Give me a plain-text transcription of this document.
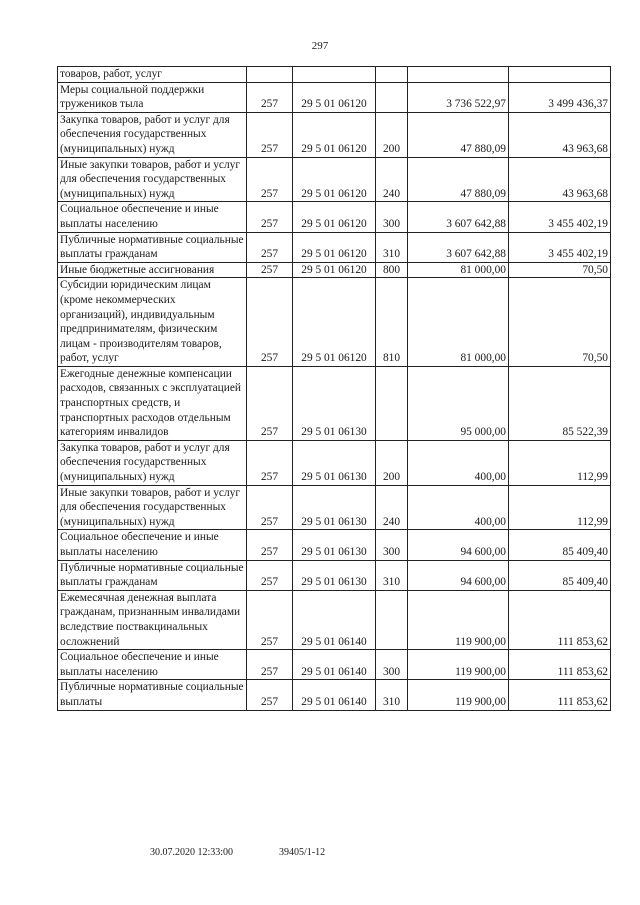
297
товаров, работ, услуг					
Меры социальной поддержки тружеников тыла	257	29 5 01 06120		3 736 522,97	3 499 436,37
Закупка товаров, работ и услуг для обеспечения государственных (муниципальных) нужд	257	29 5 01 06120	200	47 880,09	43 963,68
Иные закупки товаров, работ и услуг для обеспечения государственных (муниципальных) нужд	257	29 5 01 06120	240	47 880,09	43 963,68
Социальное обеспечение и иные выплаты населению	257	29 5 01 06120	300	3 607 642,88	3 455 402,19
Публичные нормативные социальные выплаты гражданам	257	29 5 01 06120	310	3 607 642,88	3 455 402,19
Иные бюджетные ассигнования	257	29 5 01 06120	800	81 000,00	70,50
Субсидии юридическим лицам (кроме некоммерческих организаций), индивидуальным предпринимателям, физическим лицам - производителям товаров, работ, услуг	257	29 5 01 06120	810	81 000,00	70,50
Ежегодные денежные компенсации расходов, связанных с эксплуатацией транспортных средств, и транспортных расходов отдельным категориям инвалидов	257	29 5 01 06130		95 000,00	85 522,39
Закупка товаров, работ и услуг для обеспечения государственных (муниципальных) нужд	257	29 5 01 06130	200	400,00	112,99
Иные закупки товаров, работ и услуг для обеспечения государственных (муниципальных) нужд	257	29 5 01 06130	240	400,00	112,99
Социальное обеспечение и иные выплаты населению	257	29 5 01 06130	300	94 600,00	85 409,40
Публичные нормативные социальные выплаты гражданам	257	29 5 01 06130	310	94 600,00	85 409,40
Ежемесячная денежная выплата гражданам, признанным инвалидами вследствие поствакцинальных осложнений	257	29 5 01 06140		119 900,00	111 853,62
Социальное обеспечение и иные выплаты населению	257	29 5 01 06140	300	119 900,00	111 853,62
Публичные нормативные социальные выплаты	257	29 5 01 06140	310	119 900,00	111 853,62
30.07.2020 12:33:00	39405/1-12
